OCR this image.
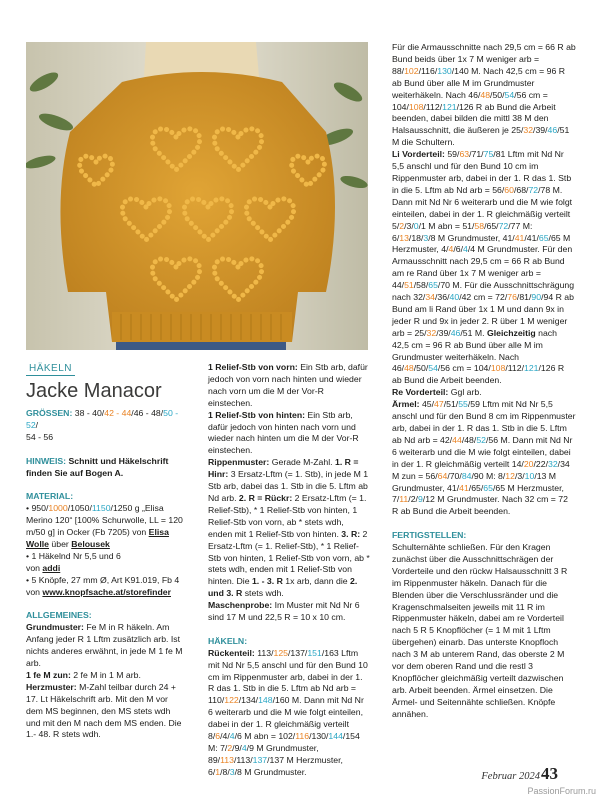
HÄKELN
Jacke Manacor

GRÖSSEN: 38 - 40/42 - 44/46 - 48/50 - 52/

54 - 56

HINWEIS: Schnitt und Häkelschrift finden Sie auf Bogen A.

MATERIAL:

• 950/1000/1050/1150/1250 g „Elisa Merino 120“ [100% Schurwolle, LL = 120 m/50 g] in Ocker (Fb 7205) von Elisa Wolle über Belousek

• 1 Häkelnd Nr 5,5 und 6

von addi

• 5 Knöpfe, 27 mm Ø, Art K91.019, Fb 4

von www.knopfsache.at/storefinder

ALLGEMEINES:

Grundmuster: Fe M in R häkeln. Am Anfang jeder R 1 Lftm zusätzlich arb. Ist nichts anderes erwähnt, in jede M 1 fe M arb.

1 fe M zun: 2 fe M in 1 M arb.

Herzmuster: M-Zahl teilbar durch 24 + 17. Lt Häkelschrift arb. Mit den M vor dem MS beginnen, den MS stets wdh und mit den M nach dem MS enden. Die 1.- 48. R stets wdh.

1 Relief-Stb von vorn: Ein Stb arb, dafür jedoch von vorn nach hinten und wieder nach vorn um die M der Vor-R einstechen.

1 Relief-Stb von hinten: Ein Stb arb, dafür jedoch von hinten nach vorn und wieder nach hinten um die M der Vor-R einstechen.

Rippenmuster: Gerade M-Zahl. 1. R = Hinr: 3 Ersatz-Lftm (= 1. Stb), in jede M 1 Stb arb, dabei das 1. Stb in die 5. Lftm ab Nd arb. 2. R = Rückr: 2 Ersatz-Lftm (= 1. Relief-Stb), * 1 Relief-Stb von hinten, 1 Relief-Stb von vorn, ab * stets wdh, enden mit 1 Relief-Stb von hinten. 3. R: 2 Ersatz-Lftm (= 1. Relief-Stb), * 1 Relief-Stb von hinten, 1 Relief-Stb von vorn, ab * stets wdh, enden mit 1 Relief-Stb von hinten. Die 1. - 3. R 1x arb, dann die 2. und 3. R stets wdh.

Maschenprobe: Im Muster mit Nd Nr 6 sind 17 M und 22,5 R = 10 x 10 cm.

HÄKELN:

Rückenteil: 113/125/137/151/163 Lftm mit Nd Nr 5,5 anschl und für den Bund 10 cm im Rippenmuster arb, dabei in der 1. R das 1. Stb in die 5. Lftm ab Nd arb = 110/122/134/148/160 M. Dann mit Nd Nr 6 weiterarb und die M wie folgt einteilen, dabei in der 1. R gleichmäßig verteilt 8/6/4/4/6 M abn = 102/116/130/144/154 M: 7/2/9/4/9 M Grundmuster, 89/113/113/137/137 M Herzmuster, 6/1/8/3/8 M Grundmuster.

Für die Armausschnitte nach 29,5 cm = 66 R ab Bund beids über 1x 7 M weniger arb = 88/102/116/130/140 M. Nach 42,5 cm = 96 R ab Bund über alle M im Grundmuster weiterhäkeln. Nach 46/48/50/54/56 cm = 104/108/112/121/126 R ab Bund die Arbeit beenden, dabei bilden die mittl 38 M den Halsausschnitt, die äußeren je 25/32/39/46/51 M die Schultern.

Li Vorderteil: 59/63/71/75/81 Lftm mit Nd Nr 5,5 anschl und für den Bund 10 cm im Rippenmuster arb, dabei in der 1. R das 1. Stb in die 5. Lftm ab Nd arb = 56/60/68/72/78 M. Dann mit Nd Nr 6 weiterarb und die M wie folgt einteilen, dabei in der 1. R gleichmäßig verteilt 5/2/3/0/1 M abn = 51/58/65/72/77 M: 6/13/18/3/8 M Grundmuster, 41/41/41/65/65 M Herzmuster, 4/4/6/4/4 M Grundmuster. Für den Armausschnitt nach 29,5 cm = 66 R ab Bund am re Rand über 1x 7 M weniger arb = 44/51/58/65/70 M. Für die Ausschnittschrägung nach 32/34/36/40/42 cm = 72/76/81/90/94 R ab Bund am li Rand über 1x 1 M und dann 9x in jeder R und 9x in jeder 2. R über 1 M weniger arb = 25/32/39/46/51 M. Gleichzeitig nach 42,5 cm = 96 R ab Bund über alle M im Grundmuster weiterhäkeln. Nach 46/48/50/54/56 cm = 104/108/112/121/126 R ab Bund die Arbeit beenden.

Re Vorderteil: Ggl arb.

Ärmel: 45/47/51/55/59 Lftm mit Nd Nr 5,5 anschl und für den Bund 8 cm im Rippenmuster arb, dabei in der 1. R das 1. Stb in die 5. Lftm ab Nd arb = 42/44/48/52/56 M. Dann mit Nd Nr 6 weiterarb und die M wie folgt einteilen, dabei in der 1. R gleichmäßig verteilt 14/20/22/32/34 M zun = 56/64/70/84/90 M: 8/12/3/10/13 M Grundmuster, 41/41/65/65/65 M Herzmuster, 7/11/2/9/12 M Grundmuster. Nach 32 cm = 72 R ab Bund die Arbeit beenden.

FERTIGSTELLEN:

Schulternähte schließen. Für den Kragen zunächst über die Ausschnittschrägen der Vorderteile und den rückw Halsausschnitt 3 R im Rippenmuster häkeln. Danach für die Blenden über die Verschlussränder und die Kragenschmalseiten jeweils mit 11 R im Rippenmuster häkeln, dabei am re Vorderteil nach 5 R 5 Knopflöcher (= 1 M mit 1 Lftm übergehen) einarb. Das unterste Knopfloch nach 3 M ab unterem Rand, das oberste 2 M vor dem oberen Rand und die restl 3 Knopflöcher gleichmäßig verteilt dazwischen arb. Arbeit beenden. Ärmel einsetzen. Die Ärmel- und Seitennähte schließen. Knöpfe annähen.

Februar 2024 43
PassionForum.ru
